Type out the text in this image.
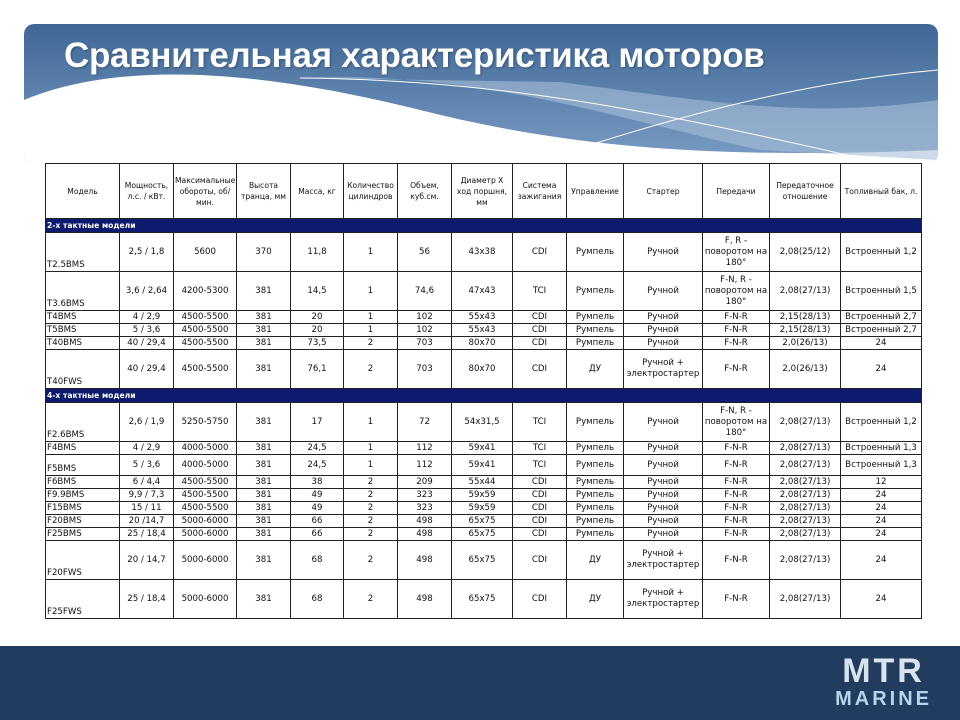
Сравнительная характеристика моторов
Модель	Мощность, л.с. / кВт.	Максимальные обороты, об/мин.	Высота транца, мм	Масса, кг	Количество цилиндров	Объем, куб.см.	Диаметр Х ход поршня, мм	Система зажигания	Управление	Стартер	Передачи	Передаточное отношение	Топливный бак, л.
2-х тактные модели													
T2.5BMS	2,5 / 1,8	5600	370	11,8	1	56	43x38	CDI	Румпель	Ручной	F, R - поворотом на 180°	2,08(25/12)	Встроенный 1,2
T3.6BMS	3,6 / 2,64	4200-5300	381	14,5	1	74,6	47x43	TCI	Румпель	Ручной	F-N, R - поворотом на 180°	2,08(27/13)	Встроенный 1,5
T4BMS	4 / 2,9	4500-5500	381	20	1	102	55x43	CDI	Румпель	Ручной	F-N-R	2,15(28/13)	Встроенный 2,7
T5BMS	5 / 3,6	4500-5500	381	20	1	102	55x43	CDI	Румпель	Ручной	F-N-R	2,15(28/13)	Встроенный 2,7
T40BMS	40 / 29,4	4500-5500	381	73,5	2	703	80x70	CDI	Румпель	Ручной	F-N-R	2,0(26/13)	24
T40FWS	40 / 29,4	4500-5500	381	76,1	2	703	80x70	CDI	ДУ	Ручной + электростартер	F-N-R	2,0(26/13)	24
4-х тактные модели													
F2.6BMS	2,6 / 1,9	5250-5750	381	17	1	72	54x31,5	TCI	Румпель	Ручной	F-N, R - поворотом на 180°	2,08(27/13)	Встроенный 1,2
F4BMS	4 / 2,9	4000-5000	381	24,5	1	112	59x41	TCI	Румпель	Ручной	F-N-R	2,08(27/13)	Встроенный 1,3
F5BMS	5 / 3,6	4000-5000	381	24,5	1	112	59x41	TCI	Румпель	Ручной	F-N-R	2,08(27/13)	Встроенный 1,3
F6BMS	6 / 4,4	4500-5500	381	38	2	209	55x44	CDI	Румпель	Ручной	F-N-R	2,08(27/13)	12
F9.9BMS	9,9 / 7,3	4500-5500	381	49	2	323	59x59	CDI	Румпель	Ручной	F-N-R	2,08(27/13)	24
F15BMS	15 / 11	4500-5500	381	49	2	323	59x59	CDI	Румпель	Ручной	F-N-R	2,08(27/13)	24
F20BMS	20 /14,7	5000-6000	381	66	2	498	65x75	CDI	Румпель	Ручной	F-N-R	2,08(27/13)	24
F25BMS	25 / 18,4	5000-6000	381	66	2	498	65x75	CDI	Румпель	Ручной	F-N-R	2,08(27/13)	24
F20FWS	20 / 14,7	5000-6000	381	68	2	498	65x75	CDI	ДУ	Ручной + электростартер	F-N-R	2,08(27/13)	24
F25FWS	25 / 18,4	5000-6000	381	68	2	498	65x75	CDI	ДУ	Ручной + электростартер	F-N-R	2,08(27/13)	24
MTR
MARINE
